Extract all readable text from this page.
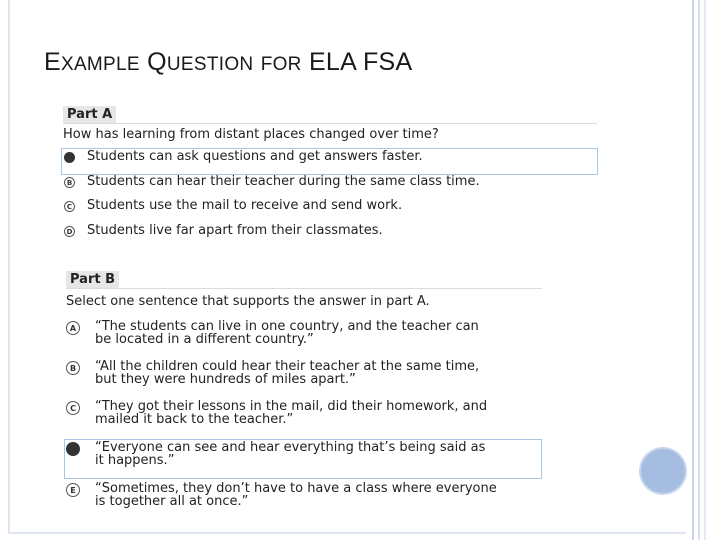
EXAMPLE QUESTION FOR ELA FSA
Part A

How has learning from distant places changed over time?

Students can ask questions and get answers faster.
B Students can hear their teacher during the same class time.
C Students use the mail to receive and send work.
D Students live far apart from their classmates.
Part B

Select one sentence that supports the answer in part A.

A	“The students can live in one country, and the teacher can
be located in a different country.”
B	“All the children could hear their teacher at the same time,
but they were hundreds of miles apart.”
C	“They got their lessons in the mail, did their homework, and
mailed it back to the teacher.”
“Everyone can see and hear everything that’s being said as
it happens.”
E	“Sometimes, they don’t have to have a class where everyone
is together all at once.”
